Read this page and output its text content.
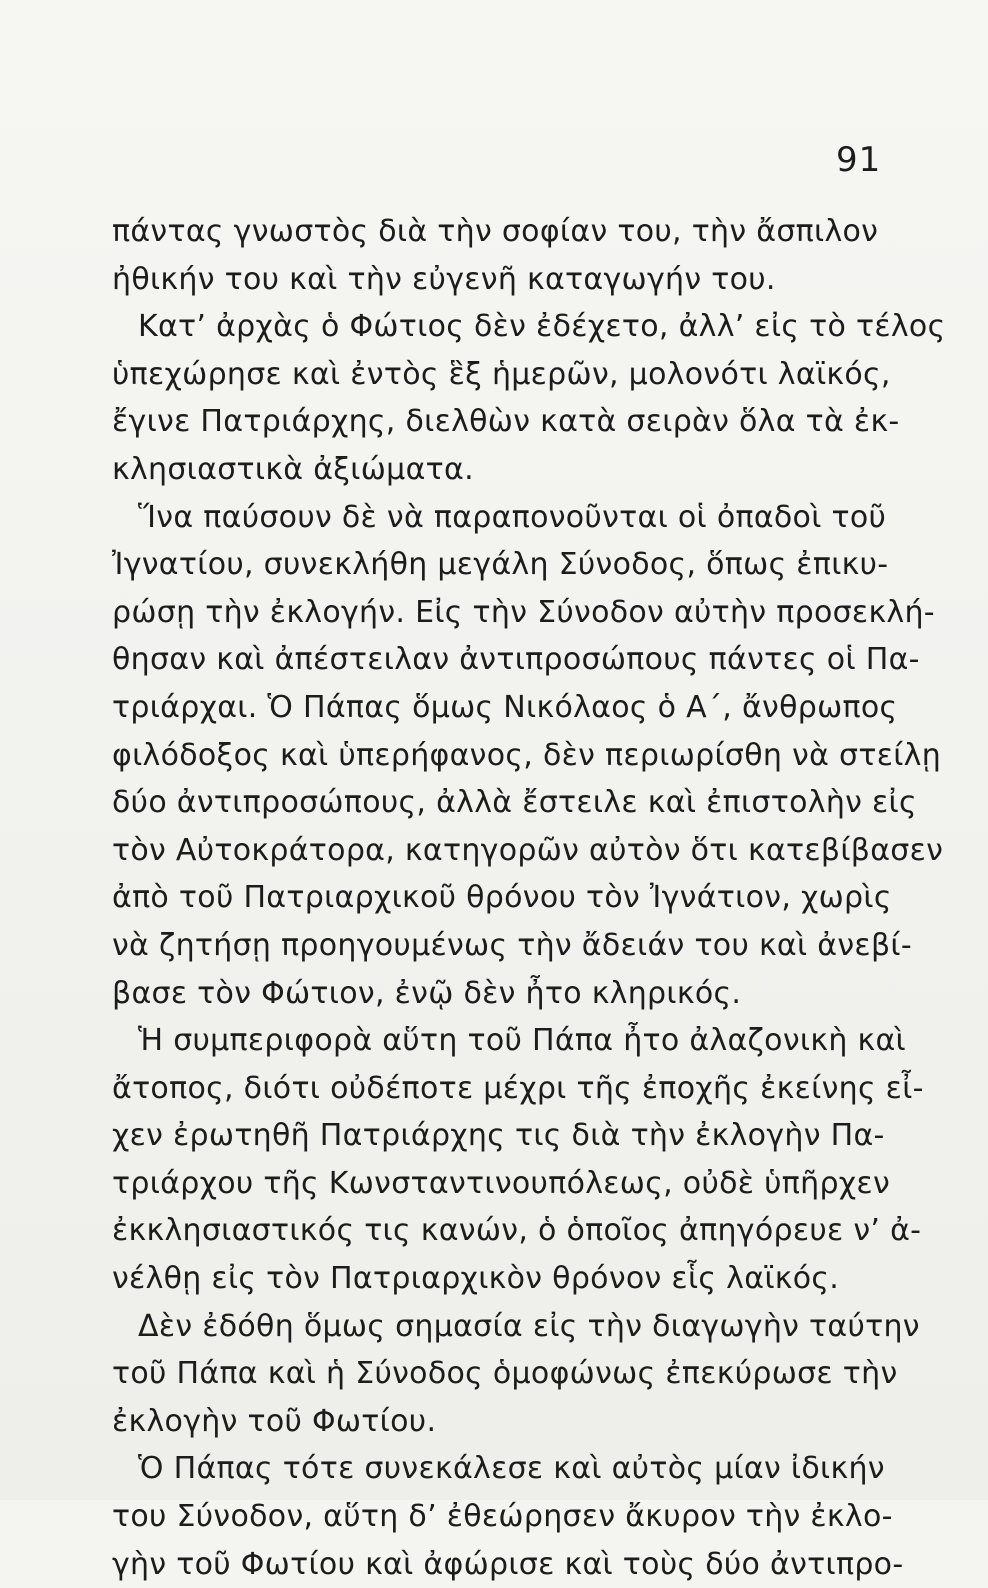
91
πάντας γνωστὸς διὰ τὴν σοφίαν του, τὴν ἄσπιλον
ἠθικήν του καὶ τὴν εὐγενῆ καταγωγήν του.
Κατ’ ἀρχὰς ὁ Φώτιος δὲν ἐδέχετο, ἀλλ’ εἰς τὸ τέλος
ὑπεχώρησε καὶ ἐντὸς ἓξ ἡμερῶν, μολονότι λαϊκός,
ἔγινε Πατριάρχης, διελθὼν κατὰ σειρὰν ὅλα τὰ ἐκ-
κλησιαστικὰ ἀξιώματα.
Ἵνα παύσουν δὲ νὰ παραπονοῦνται οἱ ὀπαδοὶ τοῦ
Ἰγνατίου, συνεκλήθη μεγάλη Σύνοδος, ὅπως ἐπικυ-
ρώσῃ τὴν ἐκλογήν. Εἰς τὴν Σύνοδον αὐτὴν προσεκλή-
θησαν καὶ ἀπέστειλαν ἀντιπροσώπους πάντες οἱ Πα-
τριάρχαι. Ὁ Πάπας ὅμως Νικόλαος ὁ Α΄, ἄνθρωπος
φιλόδοξος καὶ ὑπερήφανος, δὲν περιωρίσθη νὰ στείλῃ
δύο ἀντιπροσώπους, ἀλλὰ ἔστειλε καὶ ἐπιστολὴν εἰς
τὸν Αὐτοκράτορα, κατηγορῶν αὐτὸν ὅτι κατεβίβασεν
ἀπὸ τοῦ Πατριαρχικοῦ θρόνου τὸν Ἰγνάτιον, χωρὶς
νὰ ζητήσῃ προηγουμένως τὴν ἄδειάν του καὶ ἀνεβί-
βασε τὸν Φώτιον, ἐνῷ δὲν ἦτο κληρικός.
Ἡ συμπεριφορὰ αὕτη τοῦ Πάπα ἦτο ἀλαζονικὴ καὶ
ἄτοπος, διότι οὐδέποτε μέχρι τῆς ἐποχῆς ἐκείνης εἶ-
χεν ἐρωτηθῆ Πατριάρχης τις διὰ τὴν ἐκλογὴν Πα-
τριάρχου τῆς Κωνσταντινουπόλεως, οὐδὲ ὑπῆρχεν
ἐκκλησιαστικός τις κανών, ὁ ὁποῖος ἀπηγόρευε ν’ ἀ-
νέλθῃ εἰς τὸν Πατριαρχικὸν θρόνον εἷς λαϊκός.
Δὲν ἐδόθη ὅμως σημασία εἰς τὴν διαγωγὴν ταύτην
τοῦ Πάπα καὶ ἡ Σύνοδος ὁμοφώνως ἐπεκύρωσε τὴν
ἐκλογὴν τοῦ Φωτίου.
Ὁ Πάπας τότε συνεκάλεσε καὶ αὐτὸς μίαν ἰδικήν
του Σύνοδον, αὕτη δ’ ἐθεώρησεν ἄκυρον τὴν ἐκλο-
γὴν τοῦ Φωτίου καὶ ἀφώρισε καὶ τοὺς δύο ἀντιπρο-
